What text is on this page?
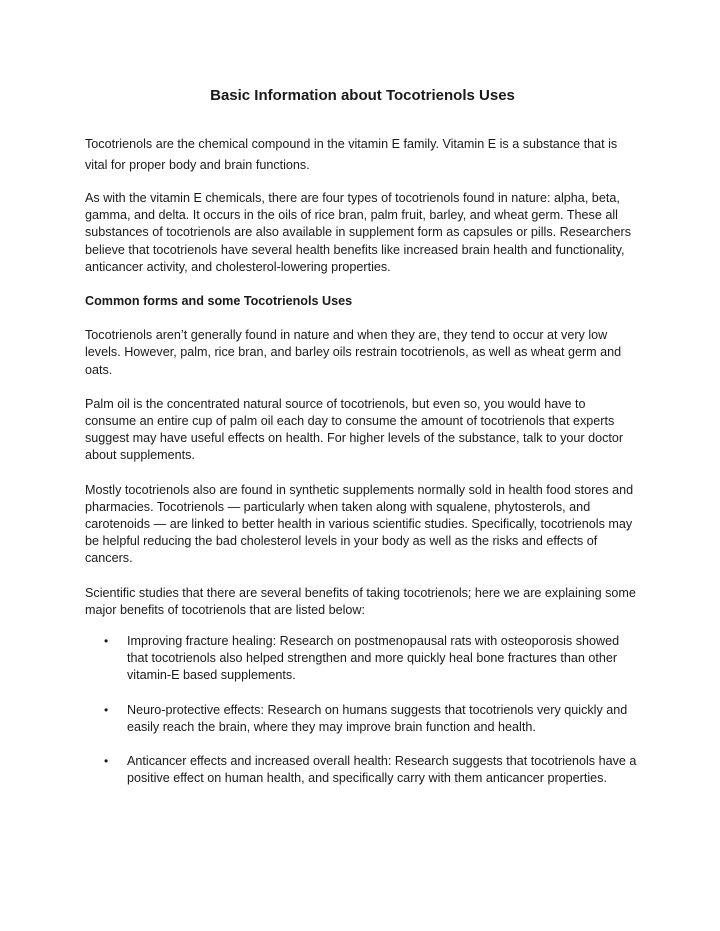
Basic Information about Tocotrienols Uses

Tocotrienols are the chemical compound in the vitamin E family. Vitamin E is a substance that is vital for proper body and brain functions.

As with the vitamin E chemicals, there are four types of tocotrienols found in nature: alpha, beta, gamma, and delta. It occurs in the oils of rice bran, palm fruit, barley, and wheat germ. These all substances of tocotrienols are also available in supplement form as capsules or pills. Researchers believe that tocotrienols have several health benefits like increased brain health and functionality, anticancer activity, and cholesterol-lowering properties.

Common forms and some Tocotrienols Uses

Tocotrienols aren’t generally found in nature and when they are, they tend to occur at very low levels. However, palm, rice bran, and barley oils restrain tocotrienols, as well as wheat germ and oats.

Palm oil is the concentrated natural source of tocotrienols, but even so, you would have to consume an entire cup of palm oil each day to consume the amount of tocotrienols that experts suggest may have useful effects on health. For higher levels of the substance, talk to your doctor about supplements.

Mostly tocotrienols also are found in synthetic supplements normally sold in health food stores and pharmacies. Tocotrienols — particularly when taken along with squalene, phytosterols, and carotenoids — are linked to better health in various scientific studies. Specifically, tocotrienols may be helpful reducing the bad cholesterol levels in your body as well as the risks and effects of cancers.

Scientific studies that there are several benefits of taking tocotrienols; here we are explaining some major benefits of tocotrienols that are listed below:

• Improving fracture healing: Research on postmenopausal rats with osteoporosis showed that tocotrienols also helped strengthen and more quickly heal bone fractures than other vitamin-E based supplements.
• Neuro-protective effects: Research on humans suggests that tocotrienols very quickly and easily reach the brain, where they may improve brain function and health.
• Anticancer effects and increased overall health: Research suggests that tocotrienols have a positive effect on human health, and specifically carry with them anticancer properties.
